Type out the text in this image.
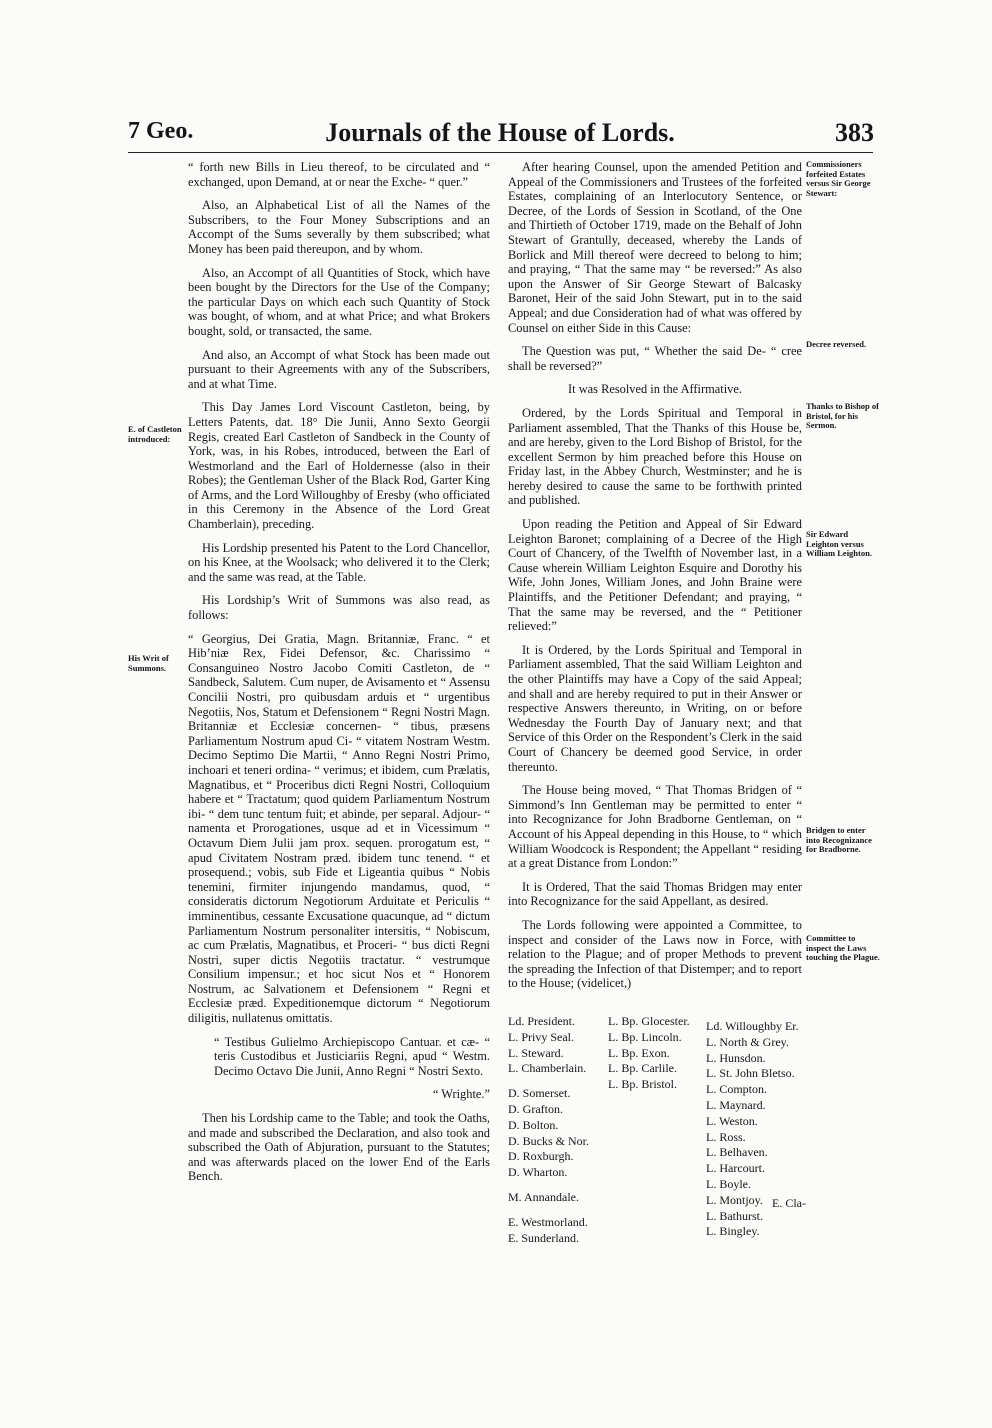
7 Geo.	Journals of the House of Lords.	383
E. of Castleton introduced:
His Writ of Summons.

“ forth new Bills in Lieu thereof, to be circulated and “ exchanged, upon Demand, at or near the Exche- “ quer.”

Also, an Alphabetical List of all the Names of the Subscribers, to the Four Money Subscriptions and an Accompt of the Sums severally by them subscribed; what Money has been paid thereupon, and by whom.

Also, an Accompt of all Quantities of Stock, which have been bought by the Directors for the Use of the Company; the particular Days on which each such Quantity of Stock was bought, of whom, and at what Price; and what Brokers bought, sold, or transacted, the same.

And also, an Accompt of what Stock has been made out pursuant to their Agreements with any of the Subscribers, and at what Time.

This Day James Lord Viscount Castleton, being, by Letters Patents, dat. 18° Die Junii, Anno Sexto Georgii Regis, created Earl Castleton of Sandbeck in the County of York, was, in his Robes, introduced, between the Earl of Westmorland and the Earl of Holdernesse (also in their Robes); the Gentleman Usher of the Black Rod, Garter King of Arms, and the Lord Willoughby of Eresby (who officiated in this Ceremony in the Absence of the Lord Great Chamberlain), preceding.

His Lordship presented his Patent to the Lord Chancellor, on his Knee, at the Woolsack; who delivered it to the Clerk; and the same was read, at the Table.

His Lordship’s Writ of Summons was also read, as follows:

“ Georgius, Dei Gratia, Magn. Britanniæ, Franc. “ et Hib’niæ Rex, Fidei Defensor, &c. Charissimo “ Consanguineo Nostro Jacobo Comiti Castleton, de “ Sandbeck, Salutem. Cum nuper, de Avisamento et “ Assensu Concilii Nostri, pro quibusdam arduis et “ urgentibus Negotiis, Nos, Statum et Defensionem “ Regni Nostri Magn. Britanniæ et Ecclesiæ concernen- “ tibus, præsens Parliamentum Nostrum apud Ci- “ vitatem Nostram Westm. Decimo Septimo Die Martii, “ Anno Regni Nostri Primo, inchoari et teneri ordina- “ verimus; et ibidem, cum Prælatis, Magnatibus, et “ Proceribus dicti Regni Nostri, Colloquium habere et “ Tractatum; quod quidem Parliamentum Nostrum ibi- “ dem tunc tentum fuit; et abinde, per separal. Adjour- “ namenta et Prorogationes, usque ad et in Vicessimum “ Octavum Diem Julii jam prox. sequen. prorogatum est, “ apud Civitatem Nostram præd. ibidem tunc tenend. “ et prosequend.; vobis, sub Fide et Ligeantia quibus “ Nobis tenemini, firmiter injungendo mandamus, quod, “ consideratis dictorum Negotiorum Arduitate et Periculis “ imminentibus, cessante Excusatione quacunque, ad “ dictum Parliamentum Nostrum personaliter intersitis, “ Nobiscum, ac cum Prælatis, Magnatibus, et Proceri- “ bus dicti Regni Nostri, super dictis Negotiis tractatur. “ vestrumque Consilium impensur.; et hoc sicut Nos et “ Honorem Nostrum, ac Salvationem et Defensionem “ Regni et Ecclesiæ præd. Expeditionemque dictorum “ Negotiorum diligitis, nullatenus omittatis.

“ Testibus Gulielmo Archiepiscopo Cantuar. et cæ- “ teris Custodibus et Justiciariis Regni, apud “ Westm. Decimo Octavo Die Junii, Anno Regni “ Nostri Sexto.

“ Wrighte.”

Then his Lordship came to the Table; and took the Oaths, and made and subscribed the Declaration, and also took and subscribed the Oath of Abjuration, pursuant to the Statutes; and was afterwards placed on the lower End of the Earls Bench.

After hearing Counsel, upon the amended Petition and Appeal of the Commissioners and Trustees of the forfeited Estates, complaining of an Interlocutory Sentence, or Decree, of the Lords of Session in Scotland, of the One and Thirtieth of October 1719, made on the Behalf of John Stewart of Grantully, deceased, whereby the Lands of Borlick and Mill thereof were decreed to belong to him; and praying, “ That the same may “ be reversed:” As also upon the Answer of Sir George Stewart of Balcasky Baronet, Heir of the said John Stewart, put in to the said Appeal; and due Consideration had of what was offered by Counsel on either Side in this Cause:

The Question was put, “ Whether the said De- “ cree shall be reversed?”

It was Resolved in the Affirmative.

Ordered, by the Lords Spiritual and Temporal in Parliament assembled, That the Thanks of this House be, and are hereby, given to the Lord Bishop of Bristol, for the excellent Sermon by him preached before this House on Friday last, in the Abbey Church, Westminster; and he is hereby desired to cause the same to be forthwith printed and published.

Upon reading the Petition and Appeal of Sir Edward Leighton Baronet; complaining of a Decree of the High Court of Chancery, of the Twelfth of November last, in a Cause wherein William Leighton Esquire and Dorothy his Wife, John Jones, William Jones, and John Braine were Plaintiffs, and the Petitioner Defendant; and praying, “ That the same may be reversed, and the “ Petitioner relieved:”

It is Ordered, by the Lords Spiritual and Temporal in Parliament assembled, That the said William Leighton and the other Plaintiffs may have a Copy of the said Appeal; and shall and are hereby required to put in their Answer or respective Answers thereunto, in Writing, on or before Wednesday the Fourth Day of January next; and that Service of this Order on the Respondent’s Clerk in the said Court of Chancery be deemed good Service, in order thereunto.

The House being moved, “ That Thomas Bridgen of “ Simmond’s Inn Gentleman may be permitted to enter “ into Recognizance for John Bradborne Gentleman, on “ Account of his Appeal depending in this House, to “ which William Woodcock is Respondent; the Appellant “ residing at a great Distance from London:”

It is Ordered, That the said Thomas Bridgen may enter into Recognizance for the said Appellant, as desired.

The Lords following were appointed a Committee, to inspect and consider of the Laws now in Force, with relation to the Plague; and of proper Methods to prevent the spreading the Infection of that Distemper; and to report to the House; (videlicet,)

Commissioners forfeited Estates versus Sir George Stewart:
Decree reversed.
Thanks to Bishop of Bristol, for his Sermon.
Sir Edward Leighton versus William Leighton.
Bridgen to enter into Recognizance for Bradborne.
Committee to inspect the Laws touching the Plague.
Ld. President.
L. Privy Seal.
L. Steward.
L. Chamberlain.
D. Somerset.
D. Grafton.
D. Bolton.
D. Bucks & Nor.
D. Roxburgh.
D. Wharton.
M. Annandale.
E. Westmorland.
E. Sunderland.
L. Bp. Glocester.
L. Bp. Lincoln.
L. Bp. Exon.
L. Bp. Carlile.
L. Bp. Bristol.
Ld. Willoughby Er.
L. North & Grey.
L. Hunsdon.
L. St. John Bletso.
L. Compton.
L. Maynard.
L. Weston.
L. Ross.
L. Belhaven.
L. Harcourt.
L. Boyle.
L. Montjoy.
L. Bathurst.
L. Bingley.
E. Cla-
